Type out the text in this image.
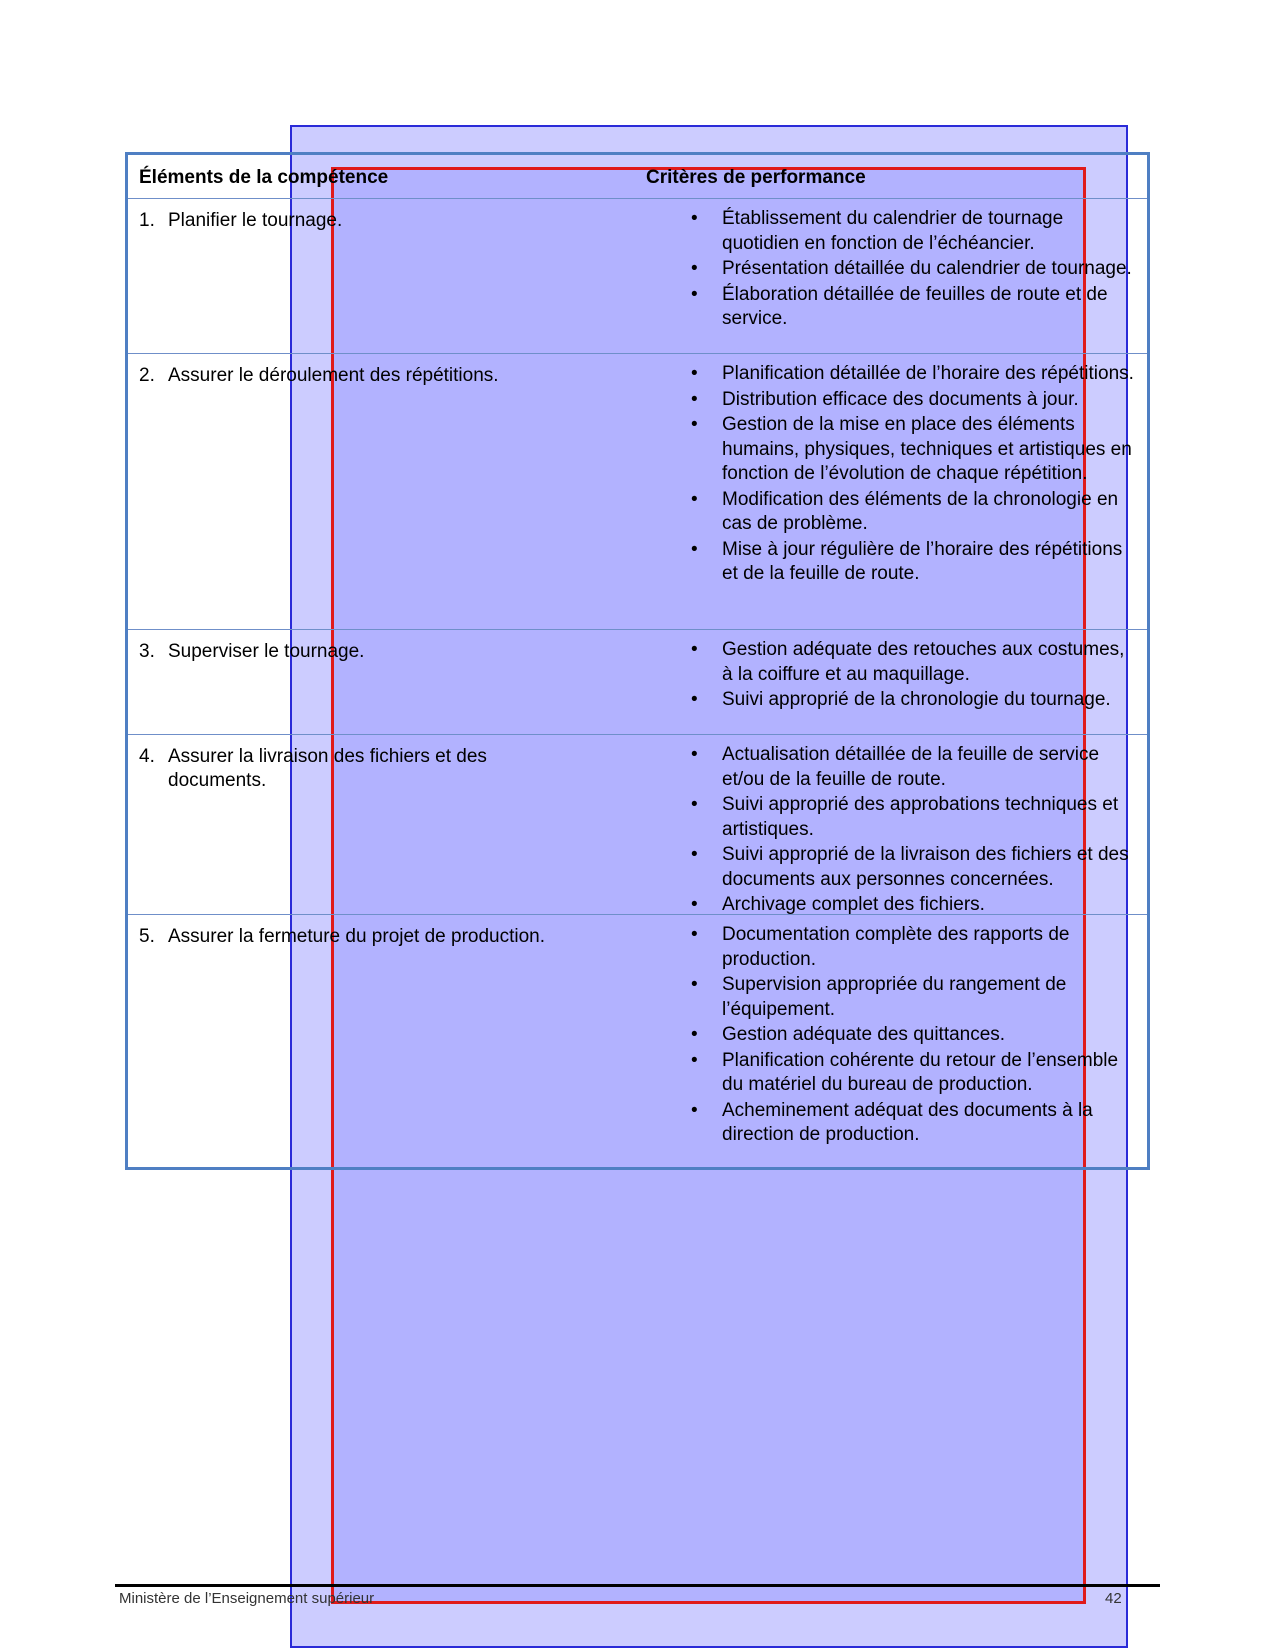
Éléments de la compétence	Critères de performance
1. Planifier le tournage.	•	Établissement du calendrier de tournage quotidien en fonction de l’échéancier.
•	Présentation détaillée du calendrier de tournage.
•	Élaboration détaillée de feuilles de route et de service.
2. Assurer le déroulement des répétitions.	•	Planification détaillée de l’horaire des répétitions.
•	Distribution efficace des documents à jour.
•	Gestion de la mise en place des éléments humains, physiques, techniques et artistiques en fonction de l’évolution de chaque répétition.
•	Modification des éléments de la chronologie en cas de problème.
•	Mise à jour régulière de l’horaire des répétitions et de la feuille de route.
3. Superviser le tournage.	•	Gestion adéquate des retouches aux costumes, à la coiffure et au maquillage.
•	Suivi approprié de la chronologie du tournage.
4. Assurer la livraison des fichiers et des documents.
•	Actualisation détaillée de la feuille de service et/ou de la feuille de route.
•	Suivi approprié des approbations techniques et artistiques.
•	Suivi approprié de la livraison des fichiers et des documents aux personnes concernées.
•	Archivage complet des fichiers.
5. Assurer la fermeture du projet de production.	•	Documentation complète des rapports de production.
•	Supervision appropriée du rangement de l’équipement.
•	Gestion adéquate des quittances.
•	Planification cohérente du retour de l’ensemble du matériel du bureau de production.
•	Acheminement adéquat des documents à la direction de production.
Ministère de l’Enseignement supérieur	42
